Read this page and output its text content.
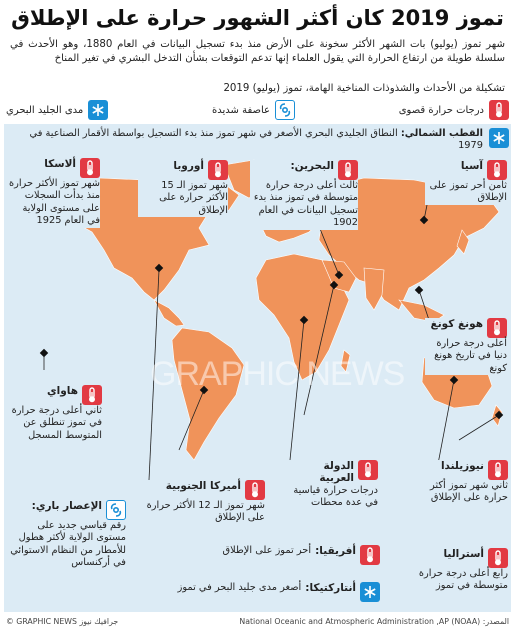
تموز 2019 كان أكثر الشهور حرارة على الإطلاق
شهر تموز (يوليو) بات الشهر الأكثر سخونة على الأرض منذ بدء تسجيل البيانات في العام 1880، وهو الأحدث في سلسلة طويلة من ارتفاع الحرارة التي يقول العلماء إنها تدعم التوقعات بشأن التدخل البشري في تغير المناخ
تشكيلة من الأحداث والشذوذات المناخية الهامة، تموز (يوليو) 2019
درجات حرارة قصوى
عاصفة شديدة
مدى الجليد البحري
القطب الشمالي: النطاق الجليدي البحري الأصغر في شهر تموز منذ بدء التسجيل بواسطة الأقمار الصناعية في 1979
GRAPHIC NEWS
ألاسكا
شهر تموز الأكثر حرارة منذ بدأت السجلات على مستوى الولاية في العام 1925
أوروبا
شهر تموز الـ 15 الأكثر حرارة على الإطلاق
البحرين:
ثالث أعلى درجة حرارة متوسطة في تموز منذ بدء تسجيل البيانات في العام 1902
آسيا
ثامن أحر تموز على الإطلاق
هونغ كونغ
أعلى درجة حرارة دنيا في تاريخ هونغ كونغ
هاواي
ثاني أعلى درجة حرارة في تموز تنطلق عن المتوسط المسجل
الدولة العربية
درجات حرارة قياسية في عدة محطات
نيوزيلندا
ثاني شهر تموز أكثر حرارة على الإطلاق
أميركا الجنوبية
شهر تموز الـ 12 الأكثر حرارة على الإطلاق
الإعصار باري:
رقم قياسي جديد على مستوى الولاية لأكثر هطول للأمطار من النظام الاستوائي في أركنساس
أفريقيا:
أحر تموز على الإطلاق	أستراليا
رابع أعلى درجة حرارة متوسطة في تموز
أنتاركتيكا:
أصغر مدى جليد البحر في تموز
© GRAPHIC NEWS جرافيك نيوز	المصدر: (NOAA) National Oceanic and Atmospheric Administration ,AP
